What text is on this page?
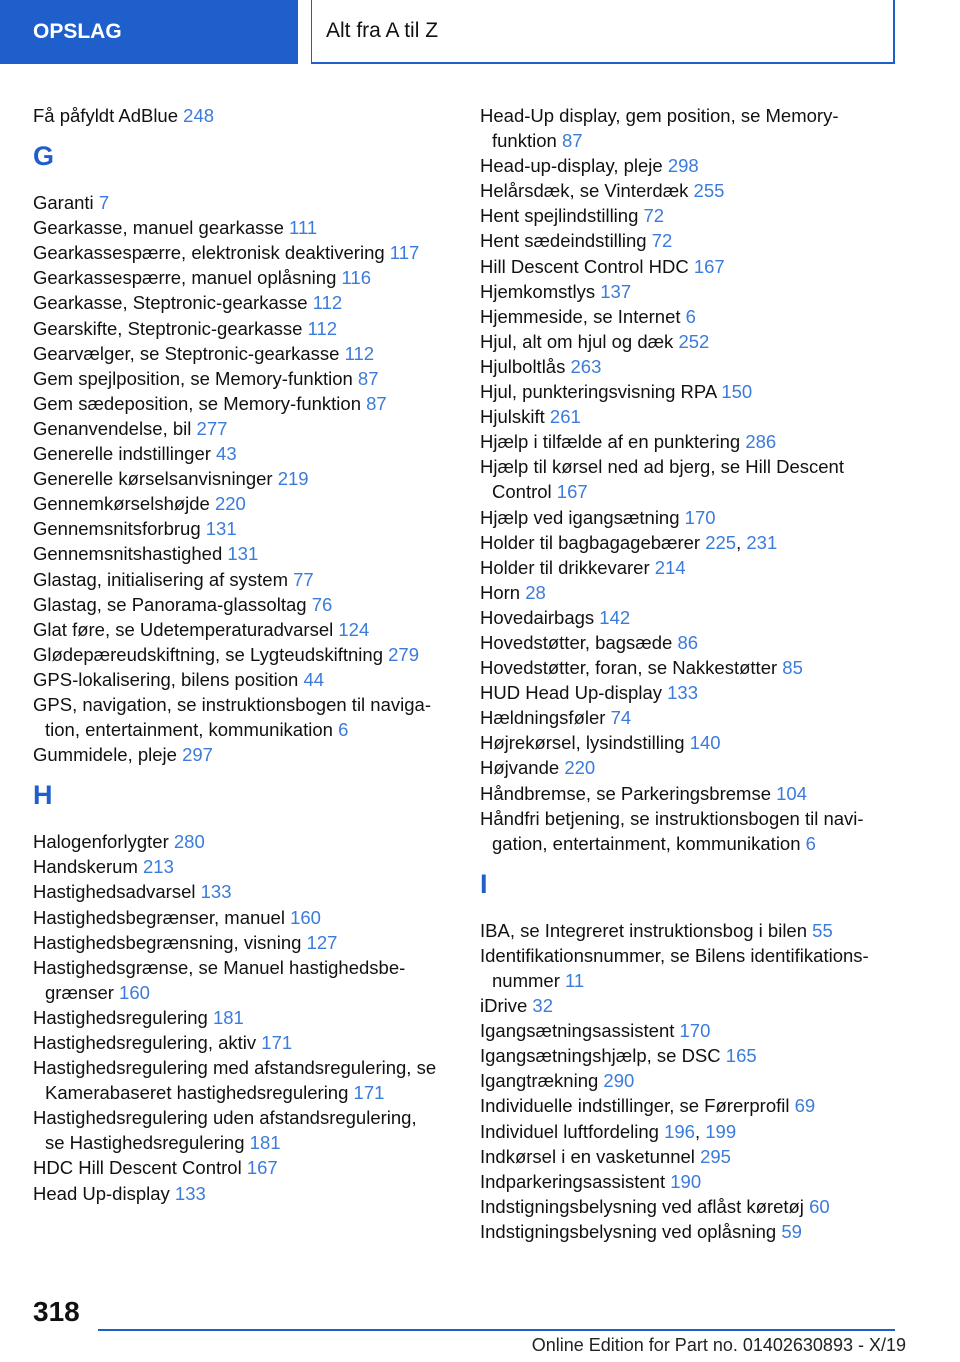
OPSLAG	Alt fra A til Z
Få påfyldt AdBlue 248
G
Garanti 7
Gearkasse, manuel gearkasse 111
Gearkassespærre, elektronisk deaktivering 117
Gearkassespærre, manuel oplåsning 116
Gearkasse, Steptronic-gearkasse 112
Gearskifte, Steptronic-gearkasse 112
Gearvælger, se Steptronic-gearkasse 112
Gem spejlposition, se Memory-funktion 87
Gem sædeposition, se Memory-funktion 87
Genanvendelse, bil 277
Generelle indstillinger 43
Generelle kørselsanvisninger 219
Gennemkørselshøjde 220
Gennemsnitsforbrug 131
Gennemsnitshastighed 131
Glastag, initialisering af system 77
Glastag, se Panorama-glassoltag 76
Glat føre, se Udetemperaturadvarsel 124
Glødepæreudskiftning, se Lygteudskiftning 279
GPS-lokalisering, bilens position 44
GPS, navigation, se instruktionsbogen til naviga-
tion, entertainment, kommunikation 6
Gummidele, pleje 297
H
Halogenforlygter 280
Handskerum 213
Hastighedsadvarsel 133
Hastighedsbegrænser, manuel 160
Hastighedsbegrænsning, visning 127
Hastighedsgrænse, se Manuel hastighedsbe-
grænser 160
Hastighedsregulering 181
Hastighedsregulering, aktiv 171
Hastighedsregulering med afstandsregulering, se
Kamerabaseret hastighedsregulering 171
Hastighedsregulering uden afstandsregulering,
se Hastighedsregulering 181
HDC Hill Descent Control 167
Head Up-display 133
Head-Up display, gem position, se Memory-
funktion 87
Head-up-display, pleje 298
Helårsdæk, se Vinterdæk 255
Hent spejlindstilling 72
Hent sædeindstilling 72
Hill Descent Control HDC 167
Hjemkomstlys 137
Hjemmeside, se Internet 6
Hjul, alt om hjul og dæk 252
Hjulboltlås 263
Hjul, punkteringsvisning RPA 150
Hjulskift 261
Hjælp i tilfælde af en punktering 286
Hjælp til kørsel ned ad bjerg, se Hill Descent
Control 167
Hjælp ved igangsætning 170
Holder til bagbagagebærer 225, 231
Holder til drikkevarer 214
Horn 28
Hovedairbags 142
Hovedstøtter, bagsæde 86
Hovedstøtter, foran, se Nakkestøtter 85
HUD Head Up-display 133
Hældningsføler 74
Højrekørsel, lysindstilling 140
Højvande 220
Håndbremse, se Parkeringsbremse 104
Håndfri betjening, se instruktionsbogen til navi-
gation, entertainment, kommunikation 6
I
IBA, se Integreret instruktionsbog i bilen 55
Identifikationsnummer, se Bilens identifikations-
nummer 11
iDrive 32
Igangsætningsassistent 170
Igangsætningshjælp, se DSC 165
Igangtrækning 290
Individuelle indstillinger, se Førerprofil 69
Individuel luftfordeling 196, 199
Indkørsel i en vasketunnel 295
Indparkeringsassistent 190
Indstigningsbelysning ved aflåst køretøj 60
Indstigningsbelysning ved oplåsning 59
318
Online Edition for Part no. 01402630893 - X/19
